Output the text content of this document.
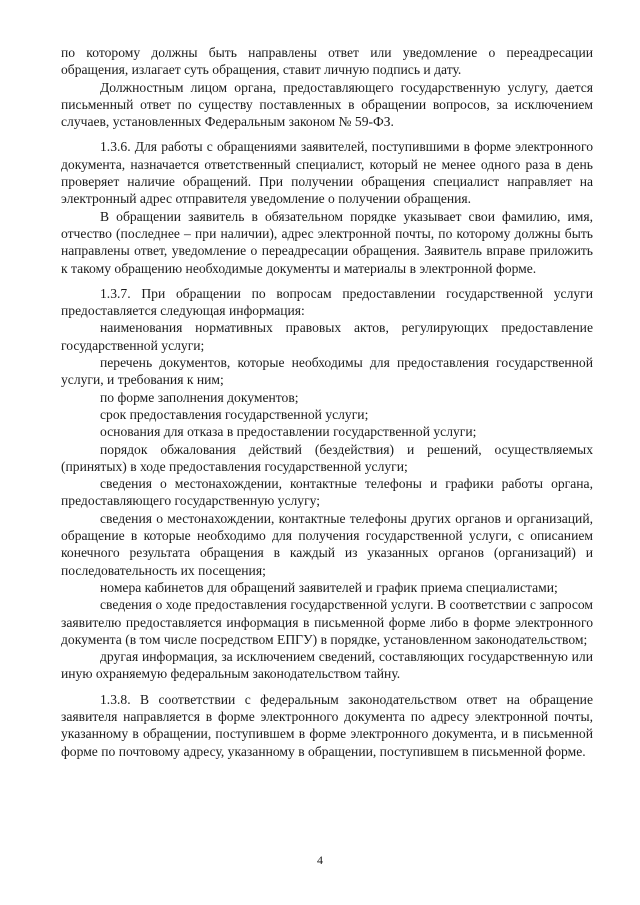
по которому должны быть направлены ответ или уведомление о переадресации обращения, излагает суть обращения, ставит личную подпись и дату.

Должностным лицом органа, предоставляющего государственную услугу, дается письменный ответ по существу поставленных в обращении вопросов, за исключением случаев, установленных Федеральным законом № 59-ФЗ.

1.3.6. Для работы с обращениями заявителей, поступившими в форме электронного документа, назначается ответственный специалист, который не менее одного раза в день проверяет наличие обращений. При получении обращения специалист направляет на электронный адрес отправителя уведомление о получении обращения.

В обращении заявитель в обязательном порядке указывает свои фамилию, имя, отчество (последнее – при наличии), адрес электронной почты, по которому должны быть направлены ответ, уведомление о переадресации обращения. Заявитель вправе приложить к такому обращению необходимые документы и материалы в электронной форме.

1.3.7. При обращении по вопросам предоставлении государственной услуги предоставляется следующая информация:

наименования нормативных правовых актов, регулирующих предоставление государственной услуги;

перечень документов, которые необходимы для предоставления государственной услуги, и требования к ним;

по форме заполнения документов;

срок предоставления государственной услуги;

основания для отказа в предоставлении государственной услуги;

порядок обжалования действий (бездействия) и решений, осуществляемых (принятых) в ходе предоставления государственной услуги;

сведения о местонахождении, контактные телефоны и графики работы органа, предоставляющего государственную услугу;

сведения о местонахождении, контактные телефоны других органов и организаций, обращение в которые необходимо для получения государственной услуги, с описанием конечного результата обращения в каждый из указанных органов (организаций) и последовательность их посещения;

номера кабинетов для обращений заявителей и график приема специалистами;

сведения о ходе предоставления государственной услуги. В соответствии с запросом заявителю предоставляется информация в письменной форме либо в форме электронного документа (в том числе посредством ЕПГУ) в порядке, установленном законодательством;

другая информация, за исключением сведений, составляющих государственную или иную охраняемую федеральным законодательством тайну.

1.3.8. В соответствии с федеральным законодательством ответ на обращение заявителя направляется в форме электронного документа по адресу электронной почты, указанному в обращении, поступившем в форме электронного документа, и в письменной форме по почтовому адресу, указанному в обращении, поступившем в письменной форме.

4
